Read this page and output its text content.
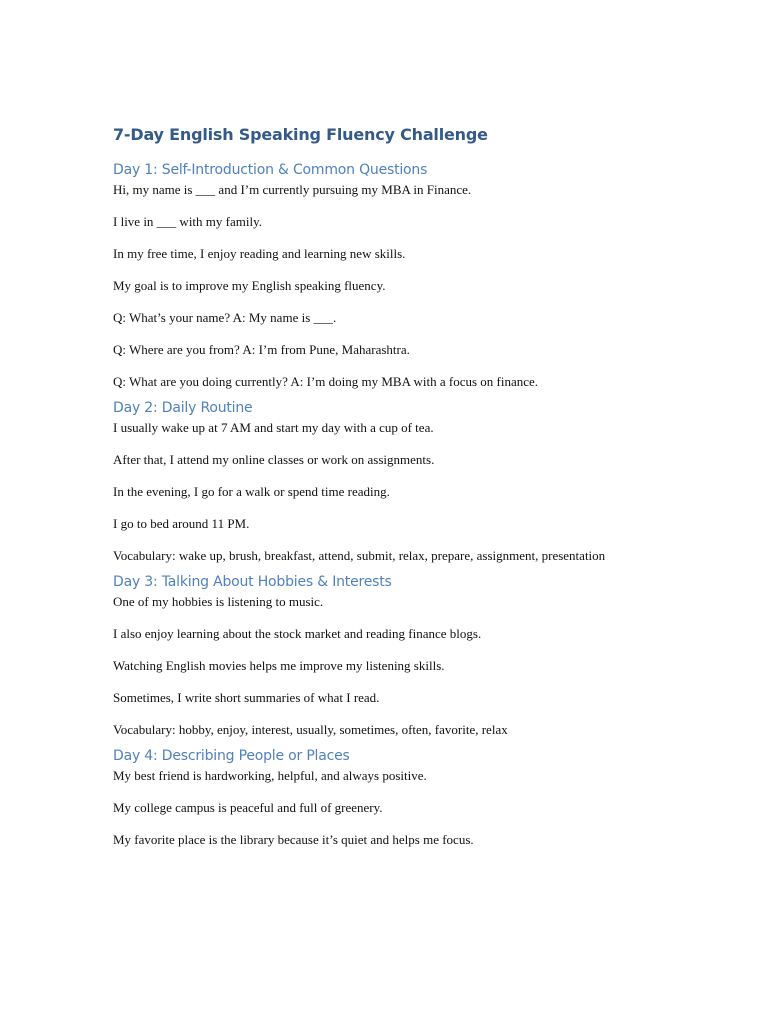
7-Day English Speaking Fluency Challenge
Day 1: Self-Introduction & Common Questions

Hi, my name is ___ and I’m currently pursuing my MBA in Finance.

I live in ___ with my family.

In my free time, I enjoy reading and learning new skills.

My goal is to improve my English speaking fluency.

Q: What’s your name? A: My name is ___.

Q: Where are you from? A: I’m from Pune, Maharashtra.

Q: What are you doing currently? A: I’m doing my MBA with a focus on finance.

Day 2: Daily Routine

I usually wake up at 7 AM and start my day with a cup of tea.

After that, I attend my online classes or work on assignments.

In the evening, I go for a walk or spend time reading.

I go to bed around 11 PM.

Vocabulary: wake up, brush, breakfast, attend, submit, relax, prepare, assignment, presentation

Day 3: Talking About Hobbies & Interests

One of my hobbies is listening to music.

I also enjoy learning about the stock market and reading finance blogs.

Watching English movies helps me improve my listening skills.

Sometimes, I write short summaries of what I read.

Vocabulary: hobby, enjoy, interest, usually, sometimes, often, favorite, relax

Day 4: Describing People or Places

My best friend is hardworking, helpful, and always positive.

My college campus is peaceful and full of greenery.

My favorite place is the library because it’s quiet and helps me focus.
